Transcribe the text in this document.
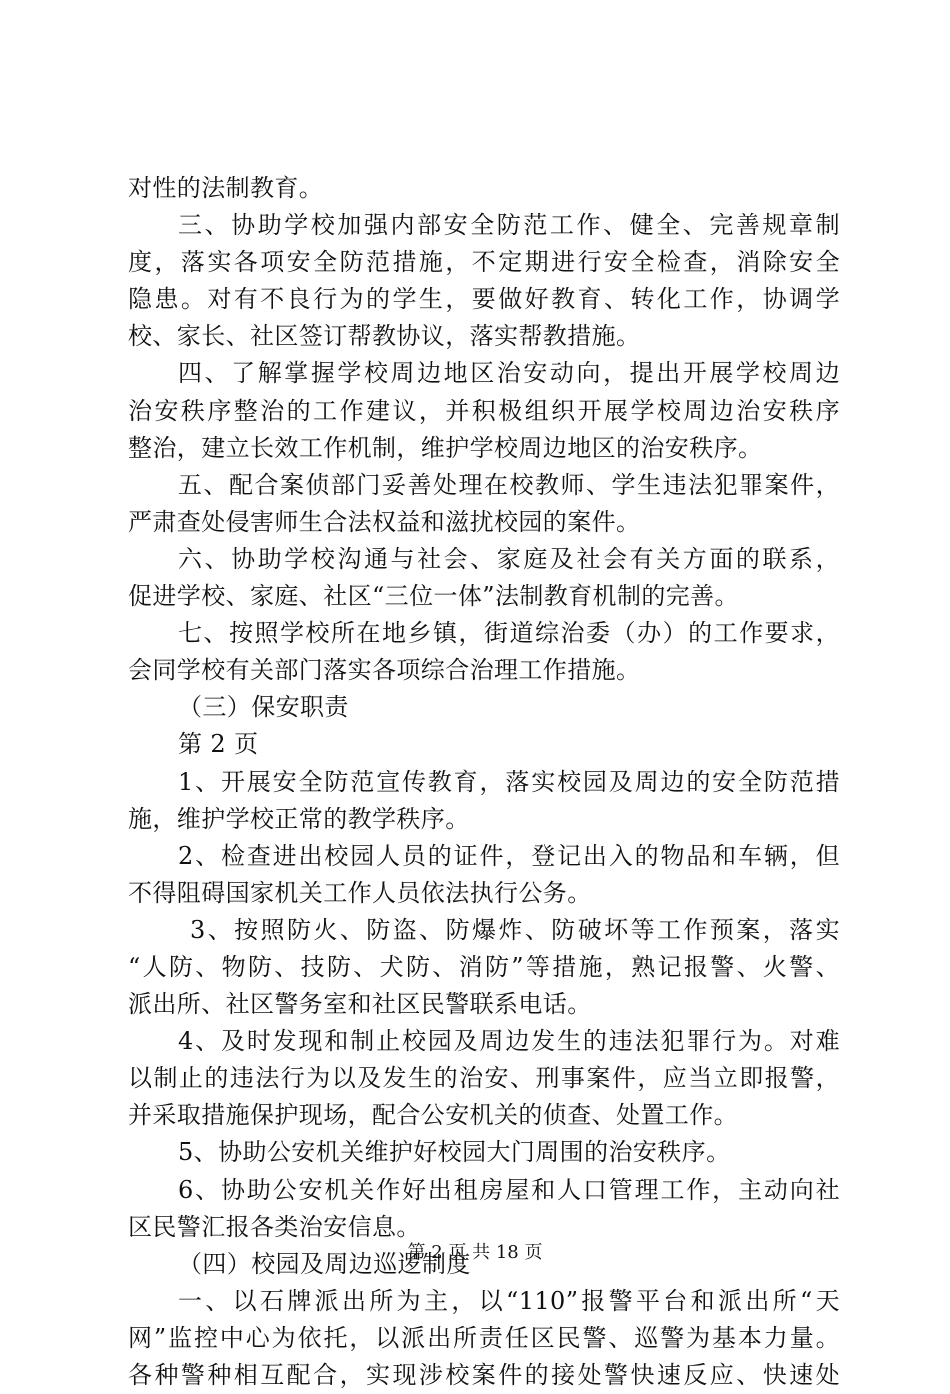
对性的法制教育。
三、协助学校加强内部安全防范工作、健全、完善规章制
度，落实各项安全防范措施，不定期进行安全检查，消除安全
隐患。对有不良行为的学生，要做好教育、转化工作，协调学
校、家长、社区签订帮教协议，落实帮教措施。
四、了解掌握学校周边地区治安动向，提出开展学校周边
治安秩序整治的工作建议，并积极组织开展学校周边治安秩序
整治，建立长效工作机制，维护学校周边地区的治安秩序。
五、配合案侦部门妥善处理在校教师、学生违法犯罪案件，
严肃查处侵害师生合法权益和滋扰校园的案件。
六、协助学校沟通与社会、家庭及社会有关方面的联系，
促进学校、家庭、社区“三位一体”法制教育机制的完善。
七、按照学校所在地乡镇，街道综治委（办）的工作要求，
会同学校有关部门落实各项综合治理工作措施。
（三）保安职责
第 2 页
1、开展安全防范宣传教育，落实校园及周边的安全防范措
施，维护学校正常的教学秩序。
2、检查进出校园人员的证件，登记出入的物品和车辆，但
不得阻碍国家机关工作人员依法执行公务。
3、按照防火、防盗、防爆炸、防破坏等工作预案，落实
“人防、物防、技防、犬防、消防”等措施，熟记报警、火警、
派出所、社区警务室和社区民警联系电话。
4、及时发现和制止校园及周边发生的违法犯罪行为。对难
以制止的违法行为以及发生的治安、刑事案件，应当立即报警，
并采取措施保护现场，配合公安机关的侦查、处置工作。
5、协助公安机关维护好校园大门周围的治安秩序。
6、协助公安机关作好出租房屋和人口管理工作，主动向社
区民警汇报各类治安信息。
（四）校园及周边巡逻制度
一、以石牌派出所为主，以“110”报警平台和派出所“天
网”监控中心为依托，以派出所责任区民警、巡警为基本力量。
各种警种相互配合，实现涉校案件的接处警快速反应、快速处
第 2 页 共 18 页
